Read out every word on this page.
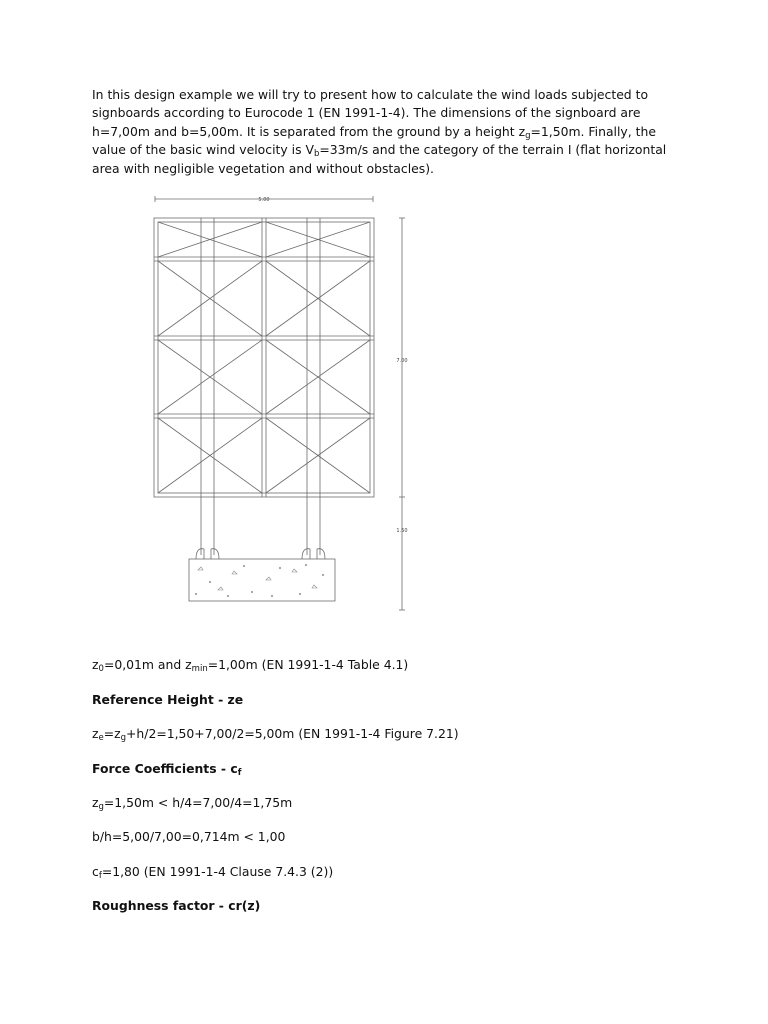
In this design example we will try to present how to calculate the wind loads subjected to signboards according to Eurocode 1 (EN 1991-1-4). The dimensions of the signboard are h=7,00m and b=5,00m. It is separated from the ground by a height $z_g=1,50m$. Finally, the value of the basic wind velocity is $V_b=33m/s$ and the category of the terrain I (flat horizontal area with negligible vegetation and without obstacles).
5.00
7.00
1.50
$z_0=0,01m$ and $z_{min}=1,00m$ (EN 1991-1-4 Table 4.1)
Reference Height - ze
$z_e=z_g+h/2=1,50+7,00/2=5,00m$ (EN 1991-1-4 Figure 7.21)
Force Coefficients - $c_f$
$z_g=1,50m < h/4=7,00/4=1,75m$
b/h=5,00/7,00=0,714m < 1,00
$c_f=1,80$ (EN 1991-1-4 Clause 7.4.3 (2))
Roughness factor - cr(z)
